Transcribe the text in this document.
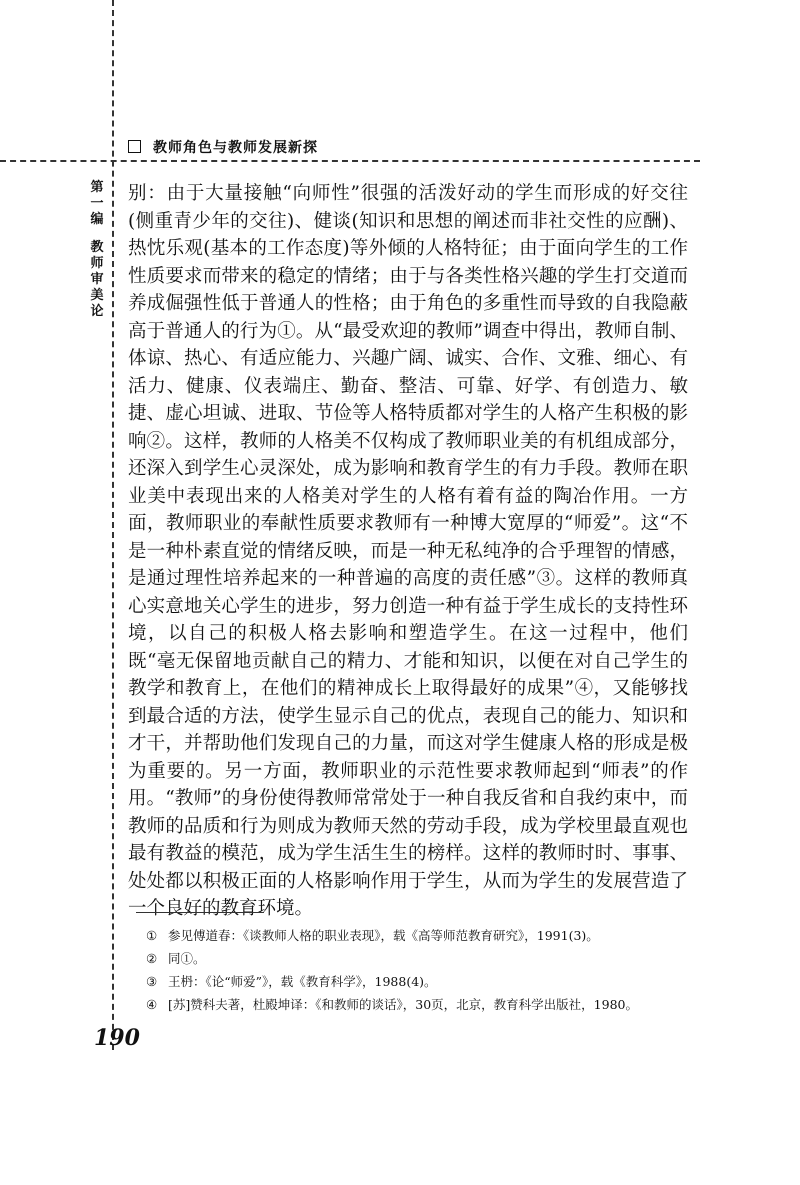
教师角色与教师发展新探
第
一
编
教
师
审
美
论

别：由于大量接触“向师性”很强的活泼好动的学生而形成的好交往(侧重青少年的交往)、健谈(知识和思想的阐述而非社交性的应酬)、热忱乐观(基本的工作态度)等外倾的人格特征；由于面向学生的工作性质要求而带来的稳定的情绪；由于与各类性格兴趣的学生打交道而养成倔强性低于普通人的性格；由于角色的多重性而导致的自我隐蔽高于普通人的行为①。从“最受欢迎的教师”调查中得出，教师自制、体谅、热心、有适应能力、兴趣广阔、诚实、合作、文雅、细心、有活力、健康、仪表端庄、勤奋、整洁、可靠、好学、有创造力、敏捷、虚心坦诚、进取、节俭等人格特质都对学生的人格产生积极的影响②。这样，教师的人格美不仅构成了教师职业美的有机组成部分，还深入到学生心灵深处，成为影响和教育学生的有力手段。教师在职业美中表现出来的人格美对学生的人格有着有益的陶冶作用。一方面，教师职业的奉献性质要求教师有一种博大宽厚的“师爱”。这“不是一种朴素直觉的情绪反映，而是一种无私纯净的合乎理智的情感，是通过理性培养起来的一种普遍的高度的责任感”③。这样的教师真心实意地关心学生的进步，努力创造一种有益于学生成长的支持性环境，以自己的积极人格去影响和塑造学生。在这一过程中，他们既“毫无保留地贡献自己的精力、才能和知识，以便在对自己学生的教学和教育上，在他们的精神成长上取得最好的成果”④，又能够找到最合适的方法，使学生显示自己的优点，表现自己的能力、知识和才干，并帮助他们发现自己的力量，而这对学生健康人格的形成是极为重要的。另一方面，教师职业的示范性要求教师起到“师表”的作用。“教师”的身份使得教师常常处于一种自我反省和自我约束中，而教师的品质和行为则成为教师天然的劳动手段，成为学校里最直观也最有教益的模范，成为学生活生生的榜样。这样的教师时时、事事、处处都以积极正面的人格影响作用于学生，从而为学生的发展营造了一个良好的教育环境。

① 参见傅道春：《谈教师人格的职业表现》，载《高等师范教育研究》，1991(3)。
② 同①。
③ 王枬：《论“师爱”》，载《教育科学》，1988(4)。
④ [苏]赞科夫著，杜殿坤译：《和教师的谈话》，30页，北京，教育科学出版社，1980。
190
